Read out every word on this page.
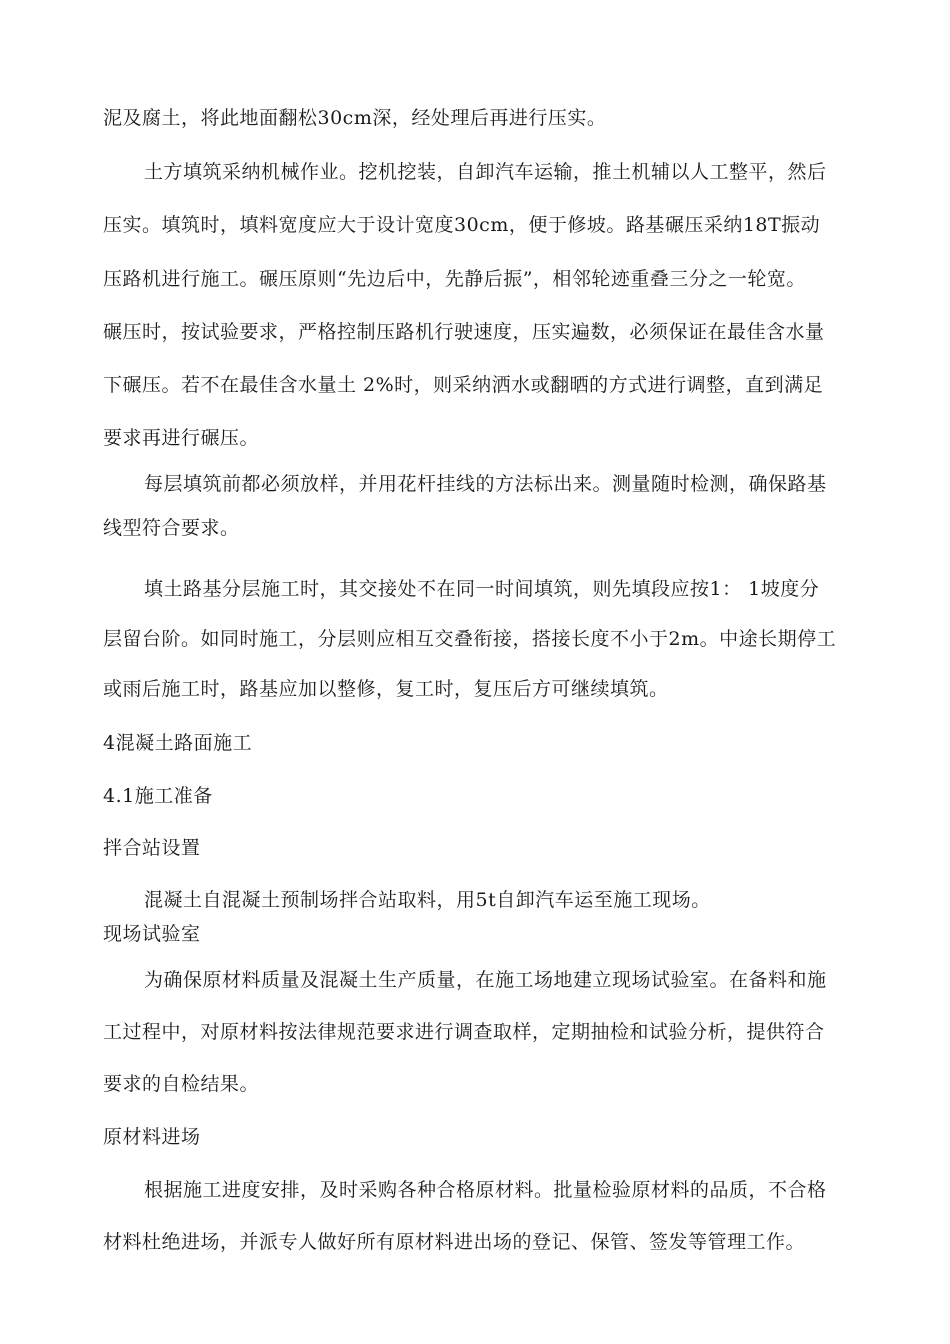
泥及腐土，将此地面翻松30cm深，经处理后再进行压实。
土方填筑采纳机械作业。挖机挖装，自卸汽车运输，推土机辅以人工整平，然后
压实。填筑时，填料宽度应大于设计宽度30cm，便于修坡。路基碾压采纳18T振动
压路机进行施工。碾压原则“先边后中，先静后振”，相邻轮迹重叠三分之一轮宽。
碾压时，按试验要求，严格控制压路机行驶速度，压实遍数，必须保证在最佳含水量
下碾压。若不在最佳含水量土 2%时，则采纳洒水或翻晒的方式进行调整，直到满足
要求再进行碾压。
每层填筑前都必须放样，并用花杆挂线的方法标出来。测量随时检测，确保路基
线型符合要求。
填土路基分层施工时，其交接处不在同一时间填筑，则先填段应按1： 1坡度分
层留台阶。如同时施工，分层则应相互交叠衔接，搭接长度不小于2m。中途长期停工
或雨后施工时，路基应加以整修，复工时，复压后方可继续填筑。
4混凝土路面施工
4.1施工准备
拌合站设置
混凝土自混凝土预制场拌合站取料，用5t自卸汽车运至施工现场。
现场试验室
为确保原材料质量及混凝土生产质量，在施工场地建立现场试验室。在备料和施
工过程中，对原材料按法律规范要求进行调查取样，定期抽检和试验分析，提供符合
要求的自检结果。
原材料进场
根据施工进度安排，及时采购各种合格原材料。批量检验原材料的品质，不合格
材料杜绝进场，并派专人做好所有原材料进出场的登记、保管、签发等管理工作。
